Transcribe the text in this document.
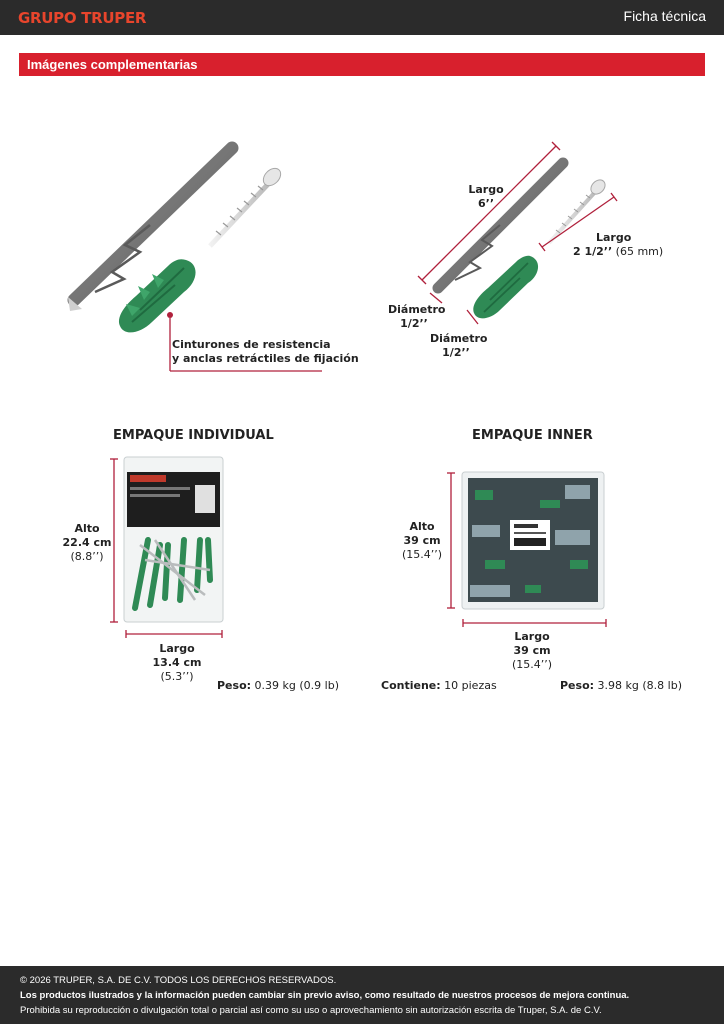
GRUPO TRUPER	Ficha técnica
Imágenes complementarias
Cinturones de resistencia
y anclas retráctiles de fijación
Largo
6’’
Largo
2 1/2’’ (65 mm)
Diámetro
1/2’’
Diámetro
1/2’’
EMPAQUE INDIVIDUAL
Alto
22.4 cm
(8.8’’)
Largo
13.4 cm
(5.3’’)
Peso: 0.39 kg (0.9 lb)
EMPAQUE INNER
Alto
39 cm
(15.4’’)
Largo
39 cm
(15.4’’)
Contiene: 10 piezas	Peso: 3.98 kg (8.8 lb)
© 2026 TRUPER, S.A. DE C.V. TODOS LOS DERECHOS RESERVADOS.
Los productos ilustrados y la información pueden cambiar sin previo aviso, como resultado de nuestros procesos de mejora continua.
Prohibida su reproducción o divulgación total o parcial así como su uso o aprovechamiento sin autorización escrita de Truper, S.A. de C.V.
